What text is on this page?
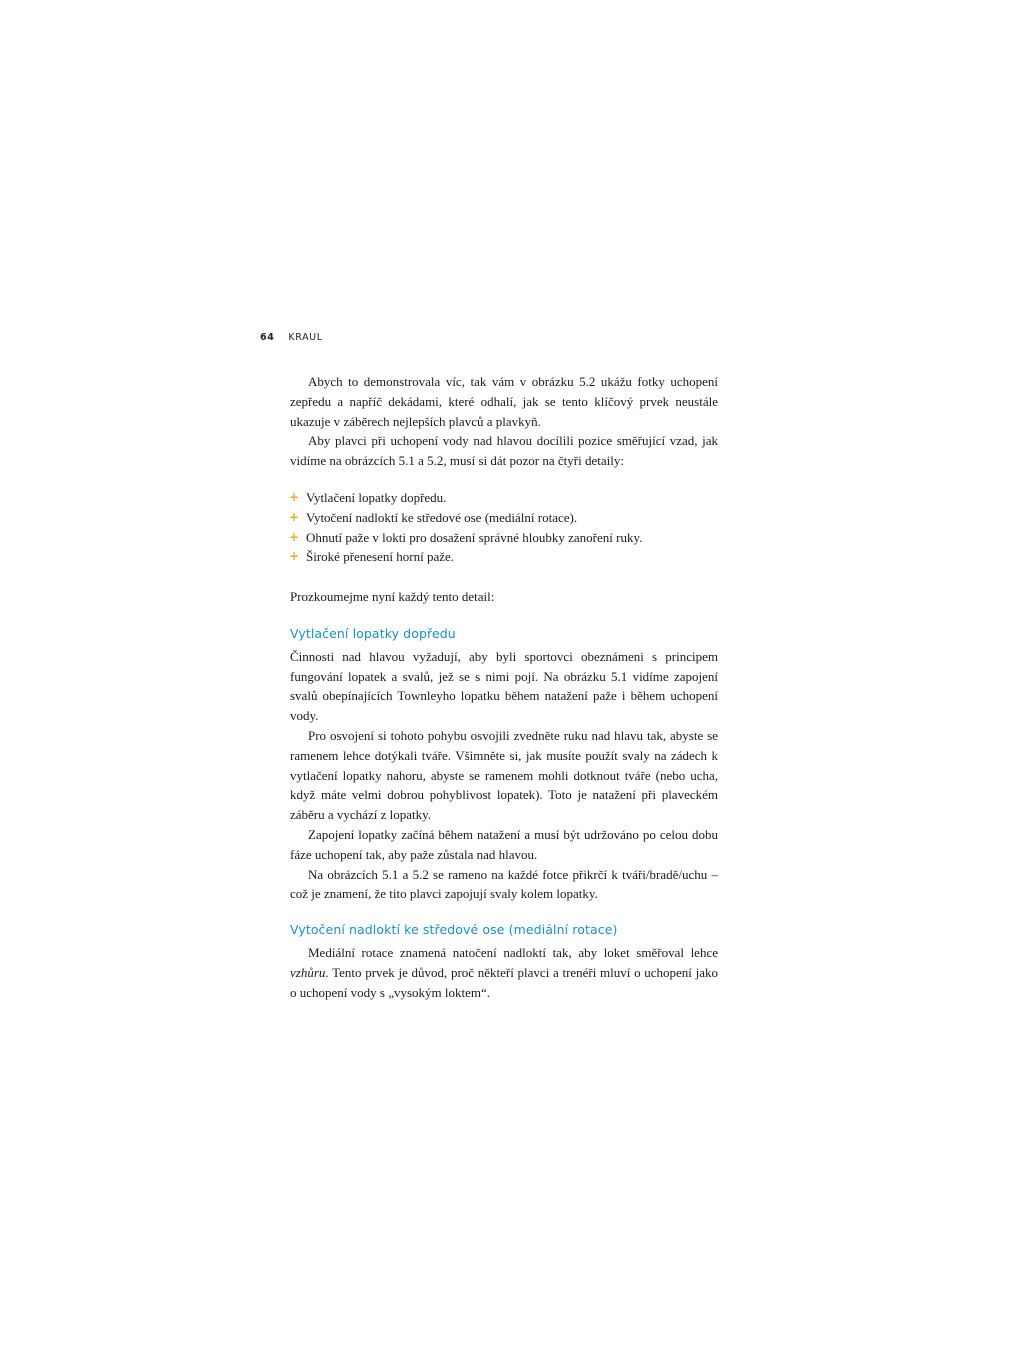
64 KRAUL

Abych to demonstrovala víc, tak vám v obrázku 5.2 ukážu fotky uchopení zepředu a napříč dekádami, které odhalí, jak se tento klíčový prvek neustále ukazuje v záběrech nejlepších plavců a plavkyň.

Aby plavci při uchopení vody nad hlavou docílili pozice směřující vzad, jak vidíme na obrázcích 5.1 a 5.2, musí si dát pozor na čtyři detaily:

+ Vytlačení lopatky dopředu.
+ Vytočení nadloktí ke středové ose (mediální rotace).
+ Ohnutí paže v lokti pro dosažení správné hloubky zanoření ruky.
+ Široké přenesení horní paže.

Prozkoumejme nyní každý tento detail:

Vytlačení lopatky dopředu

Činnosti nad hlavou vyžadují, aby byli sportovci obeznámeni s principem fungování lopatek a svalů, jež se s nimi pojí. Na obrázku 5.1 vidíme zapojení svalů obepínajících Townleyho lopatku během natažení paže i během uchopení vody.

Pro osvojení si tohoto pohybu osvojili zvedněte ruku nad hlavu tak, abyste se ramenem lehce dotýkali tváře. Všimněte si, jak musíte použít svaly na zádech k vytlačení lopatky nahoru, abyste se ramenem mohli dotknout tváře (nebo ucha, když máte velmi dobrou pohyblivost lopatek). Toto je natažení při plaveckém záběru a vychází z lopatky.

Zapojení lopatky začíná během natažení a musí být udržováno po celou dobu fáze uchopení tak, aby paže zůstala nad hlavou.

Na obrázcích 5.1 a 5.2 se rameno na každé fotce přikrčí k tváři/bradě/uchu – což je znamení, že tito plavci zapojují svaly kolem lopatky.

Vytočení nadloktí ke středové ose (mediální rotace)

Mediální rotace znamená natočení nadloktí tak, aby loket směřoval lehce vzhůru. Tento prvek je důvod, proč někteří plavci a trenéři mluví o uchopení jako o uchopení vody s „vysokým loktem“.
